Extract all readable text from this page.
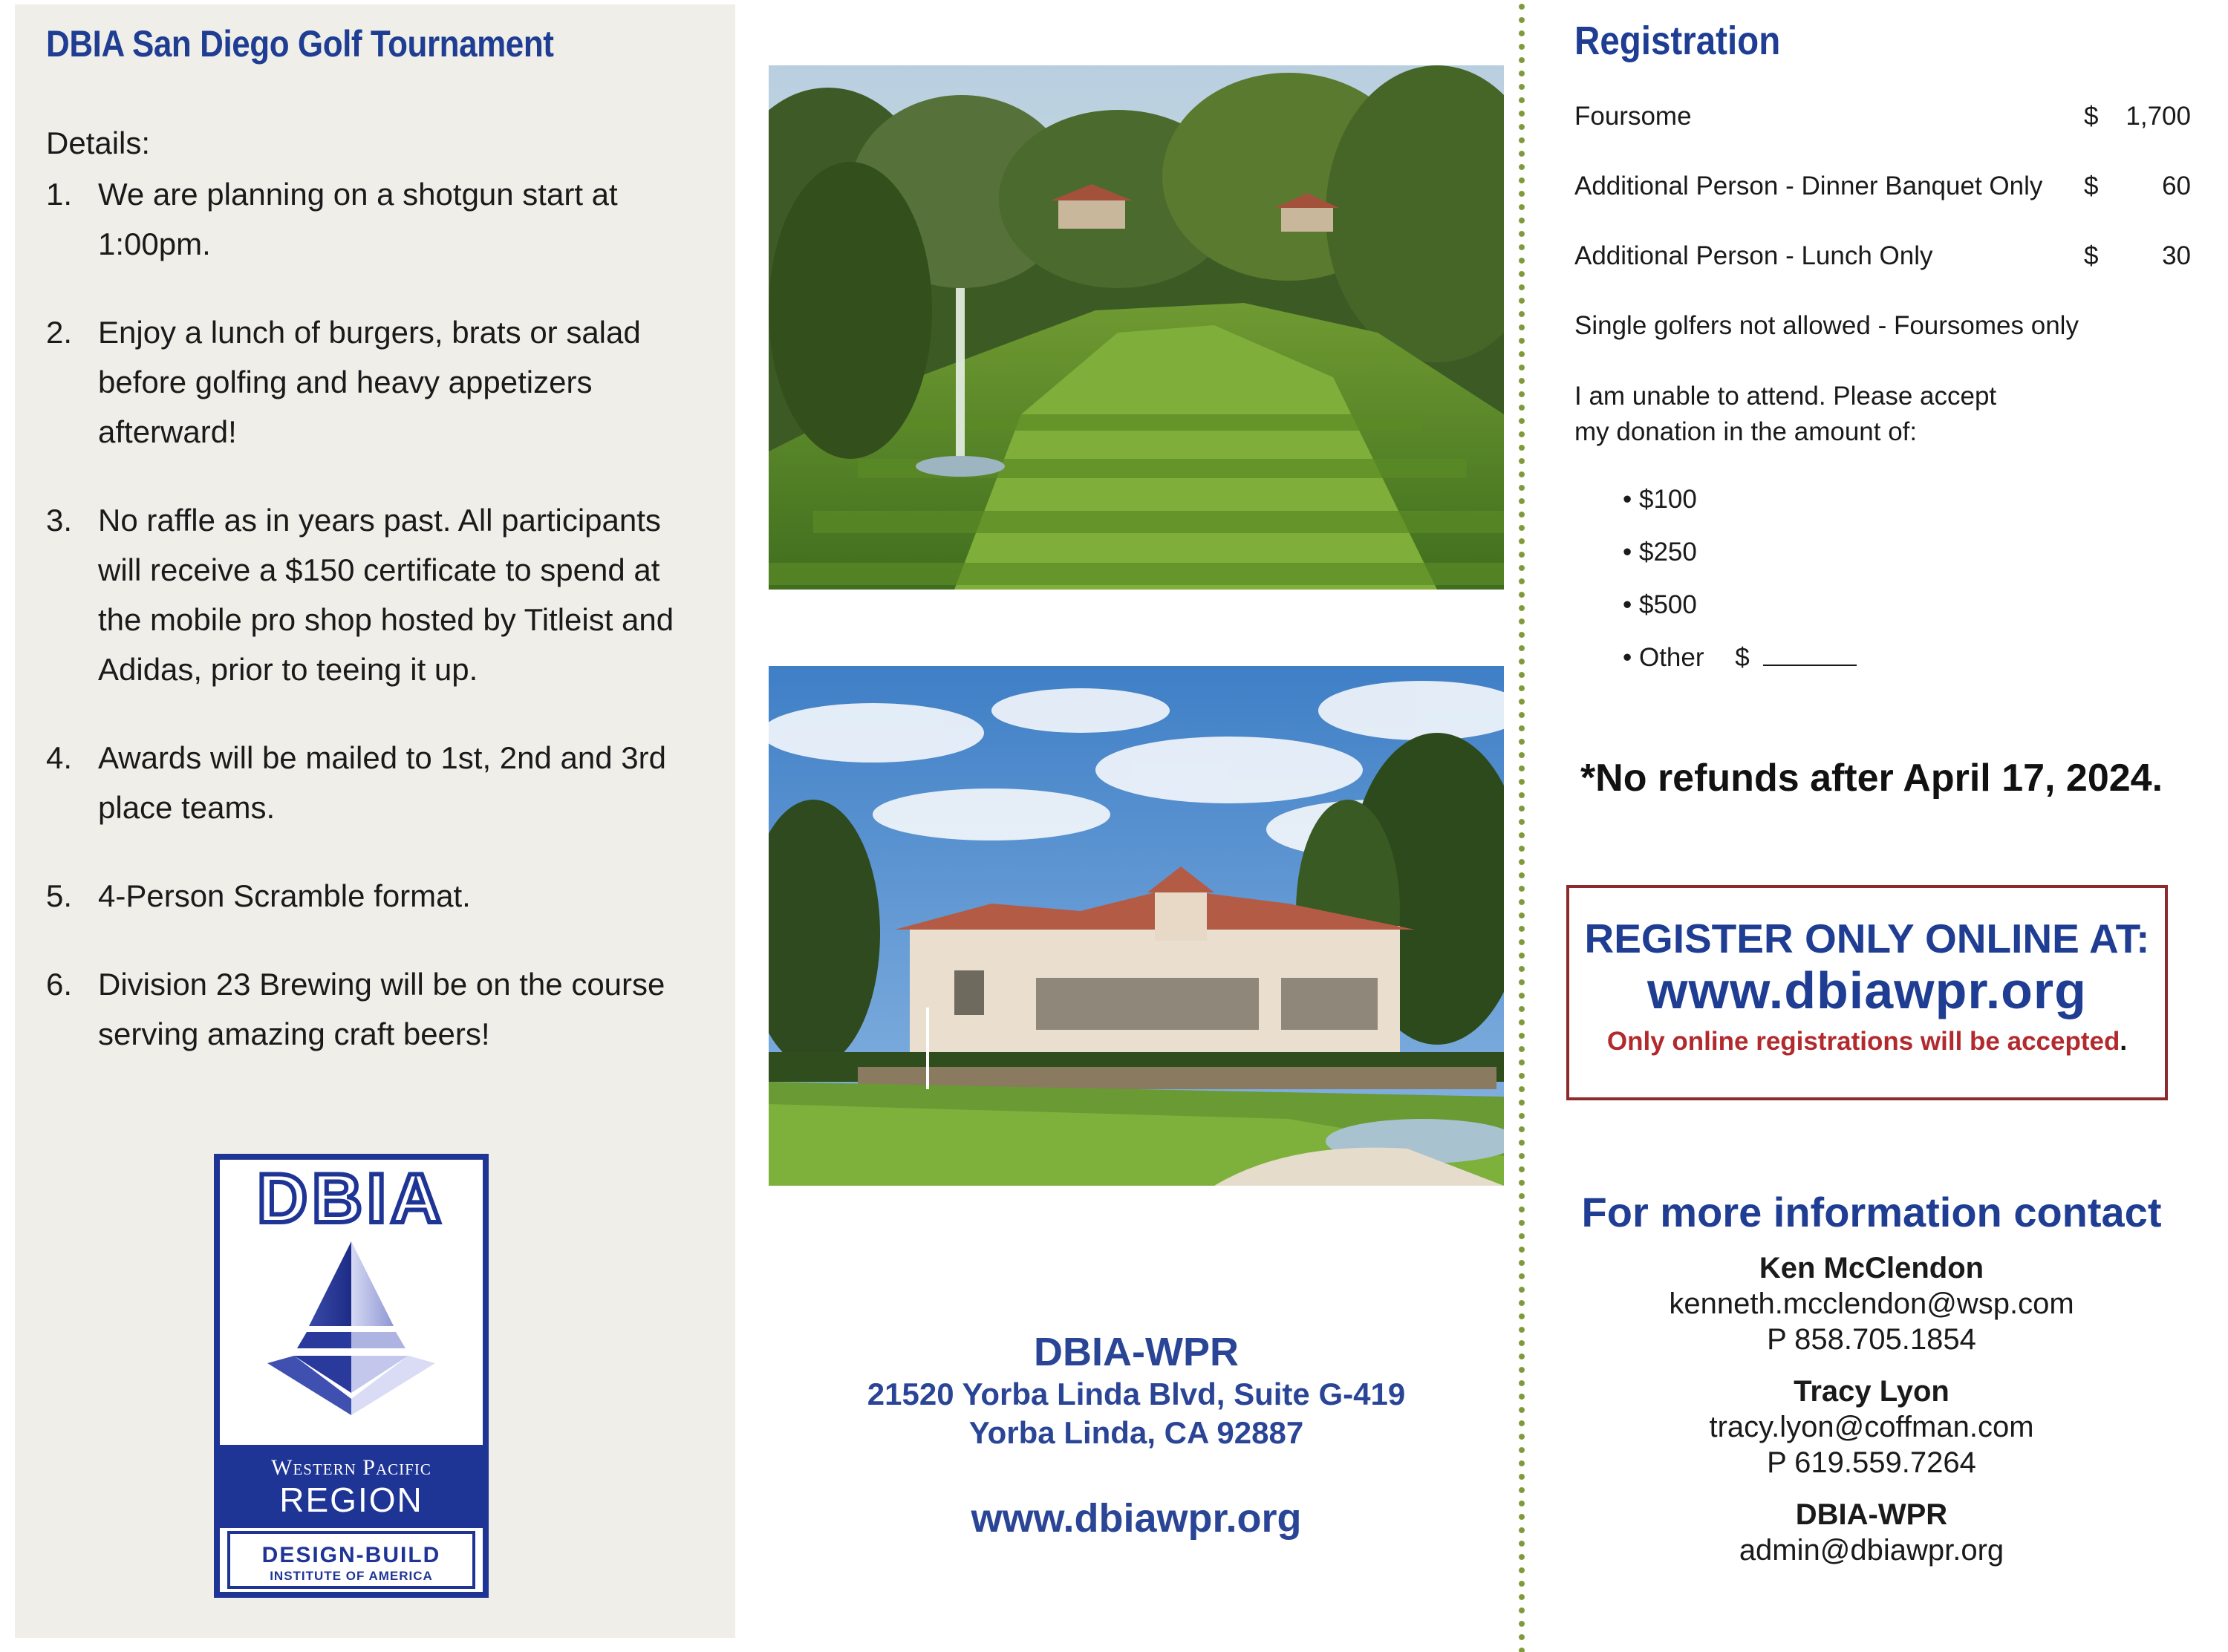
DBIA San Diego Golf Tournament
Details:
1. We are planning on a shotgun start at
1:00pm.
2. Enjoy a lunch of burgers, brats or salad
before golfing and heavy appetizers
afterward!
3. No raffle as in years past. All participants
will receive a $150 certificate to spend at
the mobile pro shop hosted by Titleist and
Adidas, prior to teeing it up.
4. Awards will be mailed to 1st, 2nd and 3rd
place teams.
5. 4-Person Scramble format.
6. Division 23 Brewing will be on the course
serving amazing craft beers!
DBIA
Western Pacific
REGION
DESIGN-BUILD
INSTITUTE OF AMERICA
DBIA-WPR
21520 Yorba Linda Blvd, Suite G-419
Yorba Linda, CA 92887
www.dbiawpr.org
Registration
Foursome	$ 1,700
Additional Person - Dinner Banquet Only $ 60
Additional Person - Lunch Only	$ 30
Single golfers not allowed - Foursomes only
I am unable to attend. Please accept
my donation in the amount of:
• $100
• $250
• $500
• Other $
*No refunds after April 17, 2024.
REGISTER ONLY ONLINE AT:
www.dbiawpr.org
Only online registrations will be accepted.
For more information contact
Ken McClendon
kenneth.mcclendon@wsp.com
P 858.705.1854
Tracy Lyon
tracy.lyon@coffman.com
P 619.559.7264
DBIA-WPR
admin@dbiawpr.org
